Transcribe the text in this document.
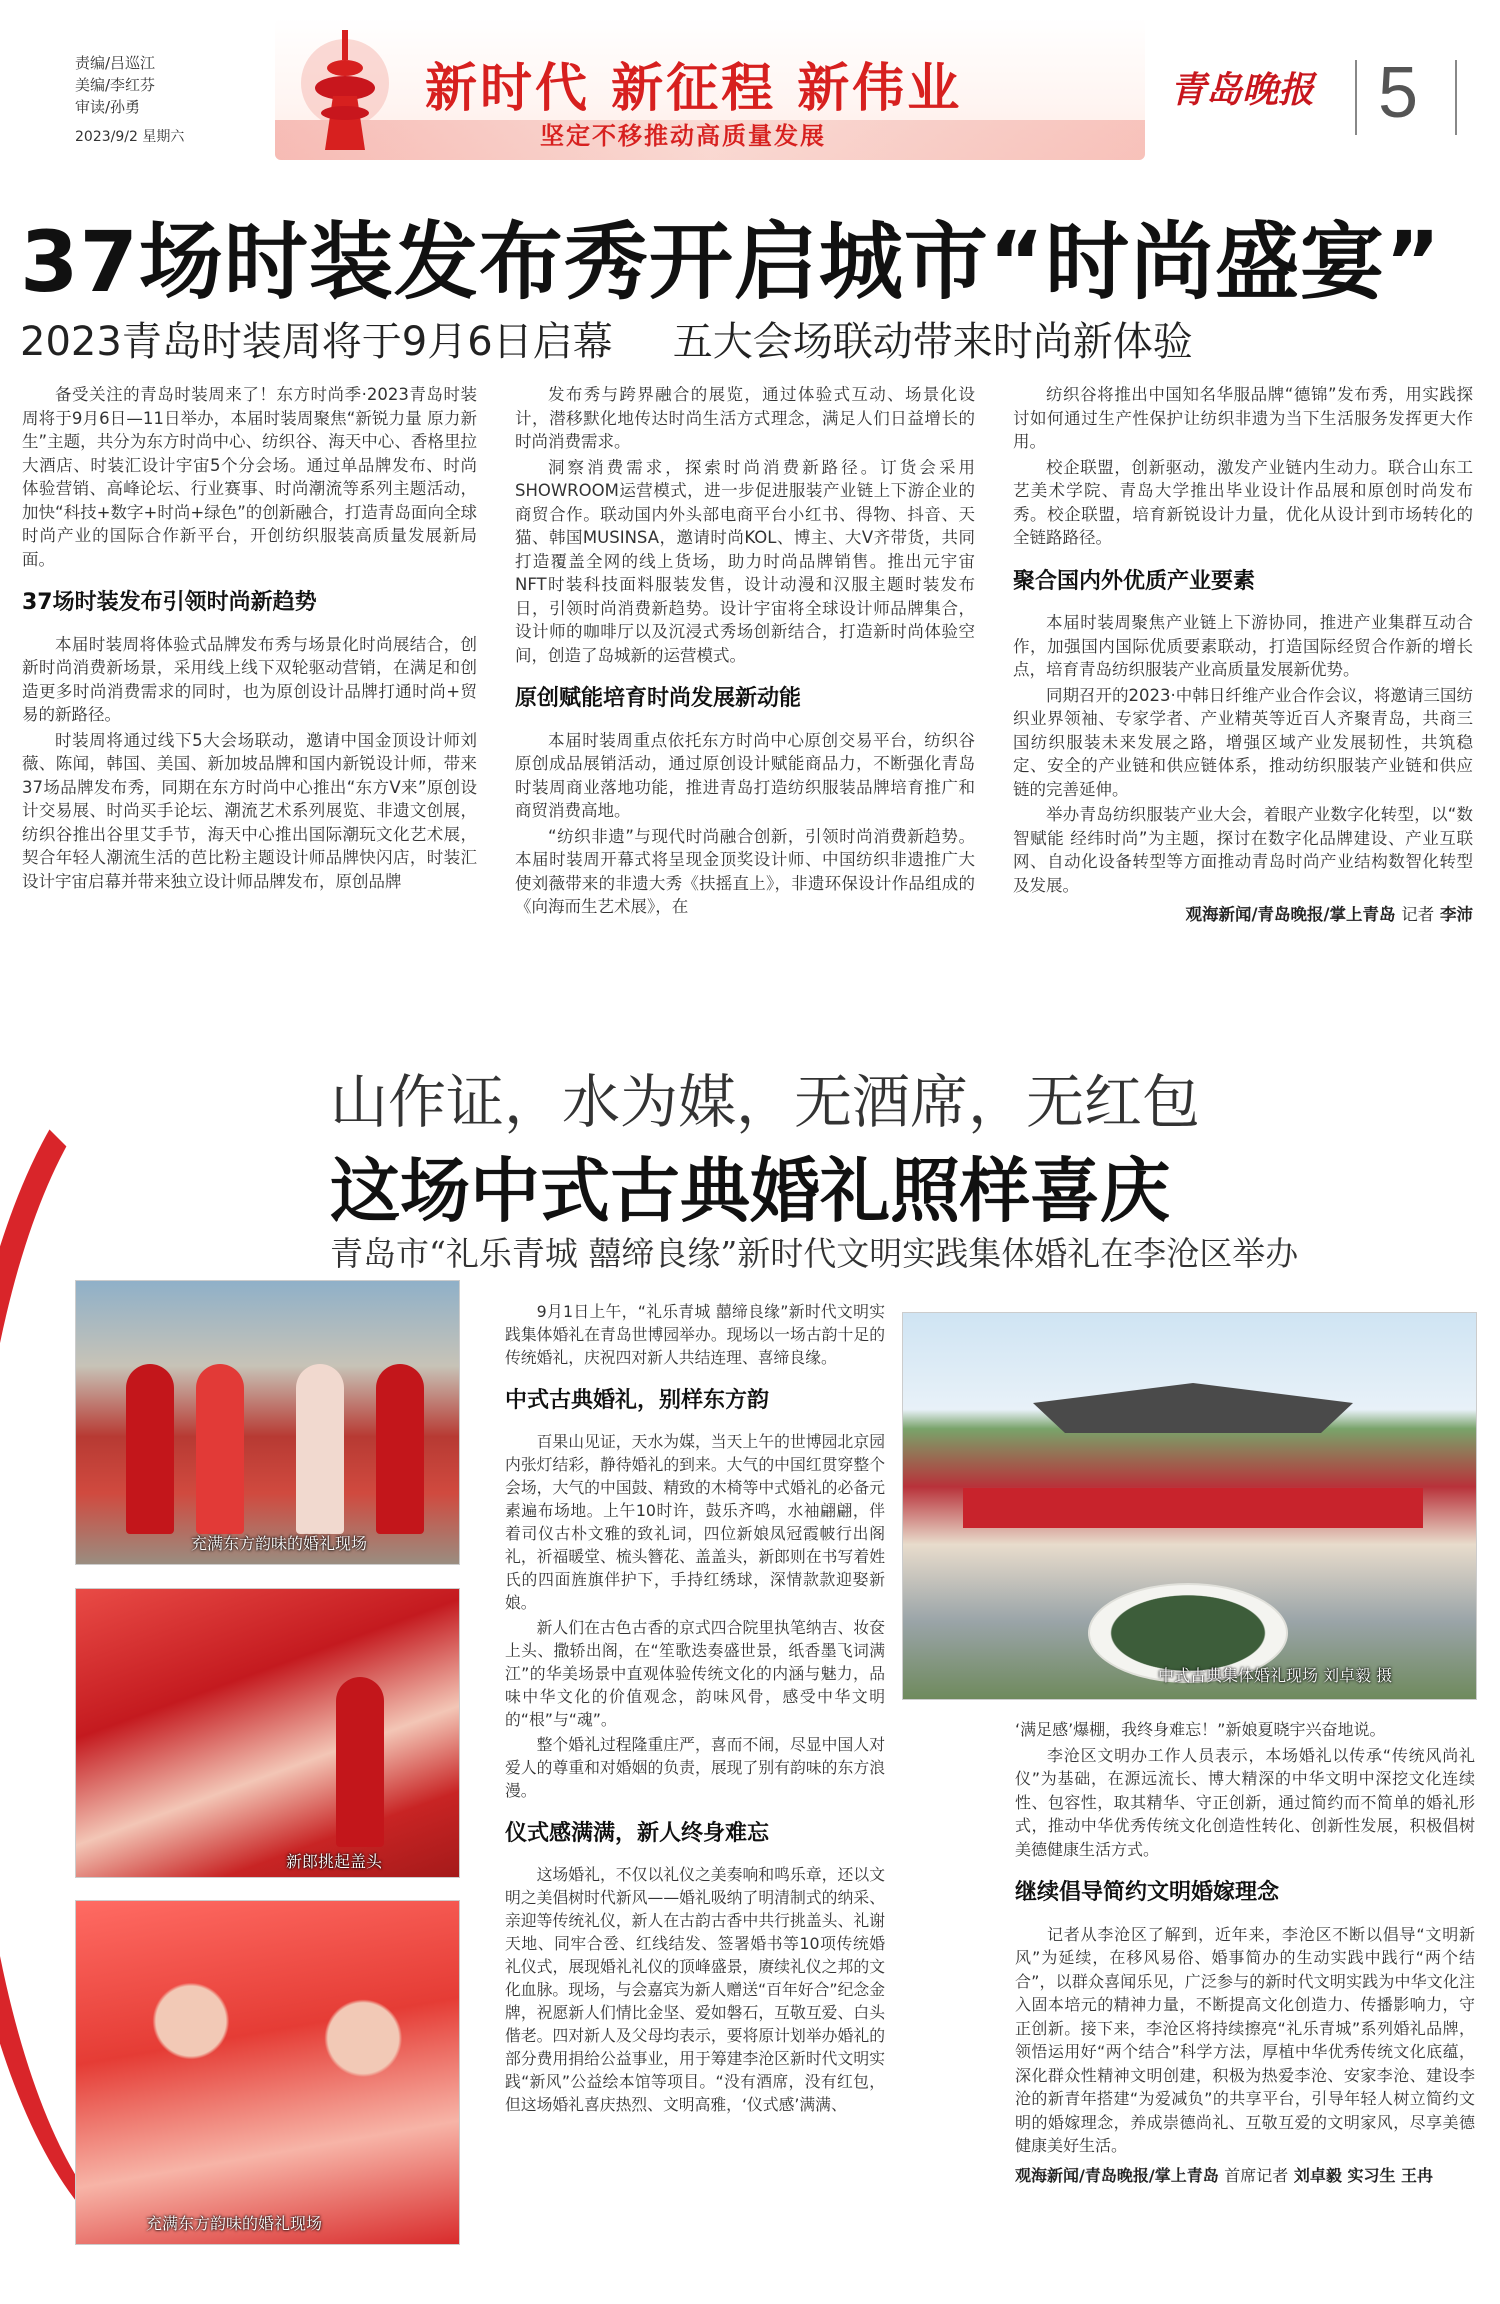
责编/吕巡江
美编/李红芬
审读/孙勇
2023/9/2 星期六
新时代 新征程 新伟业
坚定不移推动高质量发展
青岛晚报 5
37场时装发布秀开启城市“时尚盛宴”
2023青岛时装周将于9月6日启幕 五大会场联动带来时尚新体验

备受关注的青岛时装周来了！东方时尚季·2023青岛时装周将于9月6日—11日举办，本届时装周聚焦“新锐力量 原力新生”主题，共分为东方时尚中心、纺织谷、海天中心、香格里拉大酒店、时装汇设计宇宙5个分会场。通过单品牌发布、时尚体验营销、高峰论坛、行业赛事、时尚潮流等系列主题活动，加快“科技+数字+时尚+绿色”的创新融合，打造青岛面向全球时尚产业的国际合作新平台，开创纺织服装高质量发展新局面。

37场时装发布引领时尚新趋势

本届时装周将体验式品牌发布秀与场景化时尚展结合，创新时尚消费新场景，采用线上线下双轮驱动营销，在满足和创造更多时尚消费需求的同时，也为原创设计品牌打通时尚+贸易的新路径。

时装周将通过线下5大会场联动，邀请中国金顶设计师刘薇、陈闻，韩国、美国、新加坡品牌和国内新锐设计师，带来37场品牌发布秀，同期在东方时尚中心推出“东方V来”原创设计交易展、时尚买手论坛、潮流艺术系列展览、非遗文创展，纺织谷推出谷里艾手节，海天中心推出国际潮玩文化艺术展，契合年轻人潮流生活的芭比粉主题设计师品牌快闪店，时装汇设计宇宙启幕并带来独立设计师品牌发布，原创品牌

发布秀与跨界融合的展览，通过体验式互动、场景化设计，潜移默化地传达时尚生活方式理念，满足人们日益增长的时尚消费需求。

洞察消费需求，探索时尚消费新路径。订货会采用SHOWROOM运营模式，进一步促进服装产业链上下游企业的商贸合作。联动国内外头部电商平台小红书、得物、抖音、天猫、韩国MUSINSA，邀请时尚KOL、博主、大V齐带货，共同打造覆盖全网的线上货场，助力时尚品牌销售。推出元宇宙NFT时装科技面料服装发售，设计动漫和汉服主题时装发布日，引领时尚消费新趋势。设计宇宙将全球设计师品牌集合，设计师的咖啡厅以及沉浸式秀场创新结合，打造新时尚体验空间，创造了岛城新的运营模式。

原创赋能培育时尚发展新动能

本届时装周重点依托东方时尚中心原创交易平台，纺织谷原创成品展销活动，通过原创设计赋能商品力，不断强化青岛时装周商业落地功能，推进青岛打造纺织服装品牌培育推广和商贸消费高地。

“纺织非遗”与现代时尚融合创新，引领时尚消费新趋势。本届时装周开幕式将呈现金顶奖设计师、中国纺织非遗推广大使刘薇带来的非遗大秀《扶摇直上》，非遗环保设计作品组成的《向海而生艺术展》，在

纺织谷将推出中国知名华服品牌“德锦”发布秀，用实践探讨如何通过生产性保护让纺织非遗为当下生活服务发挥更大作用。

校企联盟，创新驱动，激发产业链内生动力。联合山东工艺美术学院、青岛大学推出毕业设计作品展和原创时尚发布秀。校企联盟，培育新锐设计力量，优化从设计到市场转化的全链路路径。

聚合国内外优质产业要素

本届时装周聚焦产业链上下游协同，推进产业集群互动合作，加强国内国际优质要素联动，打造国际经贸合作新的增长点，培育青岛纺织服装产业高质量发展新优势。

同期召开的2023·中韩日纤维产业合作会议，将邀请三国纺织业界领袖、专家学者、产业精英等近百人齐聚青岛，共商三国纺织服装未来发展之路，增强区域产业发展韧性，共筑稳定、安全的产业链和供应链体系，推动纺织服装产业链和供应链的完善延伸。

举办青岛纺织服装产业大会，着眼产业数字化转型，以“数智赋能 经纬时尚”为主题，探讨在数字化品牌建设、产业互联网、自动化设备转型等方面推动青岛时尚产业结构数智化转型及发展。

观海新闻/青岛晚报/掌上青岛 记者 李沛
山作证，水为媒，无酒席，无红包
这场中式古典婚礼照样喜庆
青岛市“礼乐青城 囍缔良缘”新时代文明实践集体婚礼在李沧区举办
充满东方韵味的婚礼现场
新郎挑起盖头
充满东方韵味的婚礼现场
中式古典集体婚礼现场 刘卓毅 摄

9月1日上午，“礼乐青城 囍缔良缘”新时代文明实践集体婚礼在青岛世博园举办。现场以一场古韵十足的传统婚礼，庆祝四对新人共结连理、喜缔良缘。

中式古典婚礼，别样东方韵

百果山见证，天水为媒，当天上午的世博园北京园内张灯结彩，静待婚礼的到来。大气的中国红贯穿整个会场，大气的中国鼓、精致的木椅等中式婚礼的必备元素遍布场地。上午10时许，鼓乐齐鸣，水袖翩翩，伴着司仪古朴文雅的致礼词，四位新娘凤冠霞帔行出阁礼，祈福暖堂、梳头簪花、盖盖头，新郎则在书写着姓氏的四面旌旗伴护下，手持红绣球，深情款款迎娶新娘。

新人们在古色古香的京式四合院里执笔纳吉、妆奁上头、撒轿出阁，在“笙歌迭奏盛世景，纸香墨飞词满江”的华美场景中直观体验传统文化的内涵与魅力，品味中华文化的价值观念，韵味风骨，感受中华文明的“根”与“魂”。

整个婚礼过程隆重庄严，喜而不闹，尽显中国人对爱人的尊重和对婚姻的负责，展现了别有韵味的东方浪漫。

仪式感满满，新人终身难忘

这场婚礼，不仅以礼仪之美奏响和鸣乐章，还以文明之美倡树时代新风——婚礼吸纳了明清制式的纳采、亲迎等传统礼仪，新人在古韵古香中共行挑盖头、礼谢天地、同牢合卺、红线结发、签署婚书等10项传统婚礼仪式，展现婚礼礼仪的顶峰盛景，赓续礼仪之邦的文化血脉。现场，与会嘉宾为新人赠送“百年好合”纪念金牌，祝愿新人们情比金坚、爱如磐石，互敬互爱、白头偕老。四对新人及父母均表示，要将原计划举办婚礼的部分费用捐给公益事业，用于筹建李沧区新时代文明实践“新风”公益绘本馆等项目。“没有酒席，没有红包，但这场婚礼喜庆热烈、文明高雅，‘仪式感’满满、

‘满足感’爆棚，我终身难忘！”新娘夏晓宇兴奋地说。

李沧区文明办工作人员表示，本场婚礼以传承“传统风尚礼仪”为基础，在源远流长、博大精深的中华文明中深挖文化连续性、包容性，取其精华、守正创新，通过简约而不简单的婚礼形式，推动中华优秀传统文化创造性转化、创新性发展，积极倡树美德健康生活方式。

继续倡导简约文明婚嫁理念

记者从李沧区了解到，近年来，李沧区不断以倡导“文明新风”为延续，在移风易俗、婚事简办的生动实践中践行“两个结合”，以群众喜闻乐见，广泛参与的新时代文明实践为中华文化注入固本培元的精神力量，不断提高文化创造力、传播影响力，守正创新。接下来，李沧区将持续擦亮“礼乐青城”系列婚礼品牌，领悟运用好“两个结合”科学方法，厚植中华优秀传统文化底蕴，深化群众性精神文明创建，积极为热爱李沧、安家李沧、建设李沧的新青年搭建“为爱减负”的共享平台，引导年轻人树立简约文明的婚嫁理念，养成崇德尚礼、互敬互爱的文明家风，尽享美德健康美好生活。

观海新闻/青岛晚报/掌上青岛 首席记者 刘卓毅 实习生 王冉
